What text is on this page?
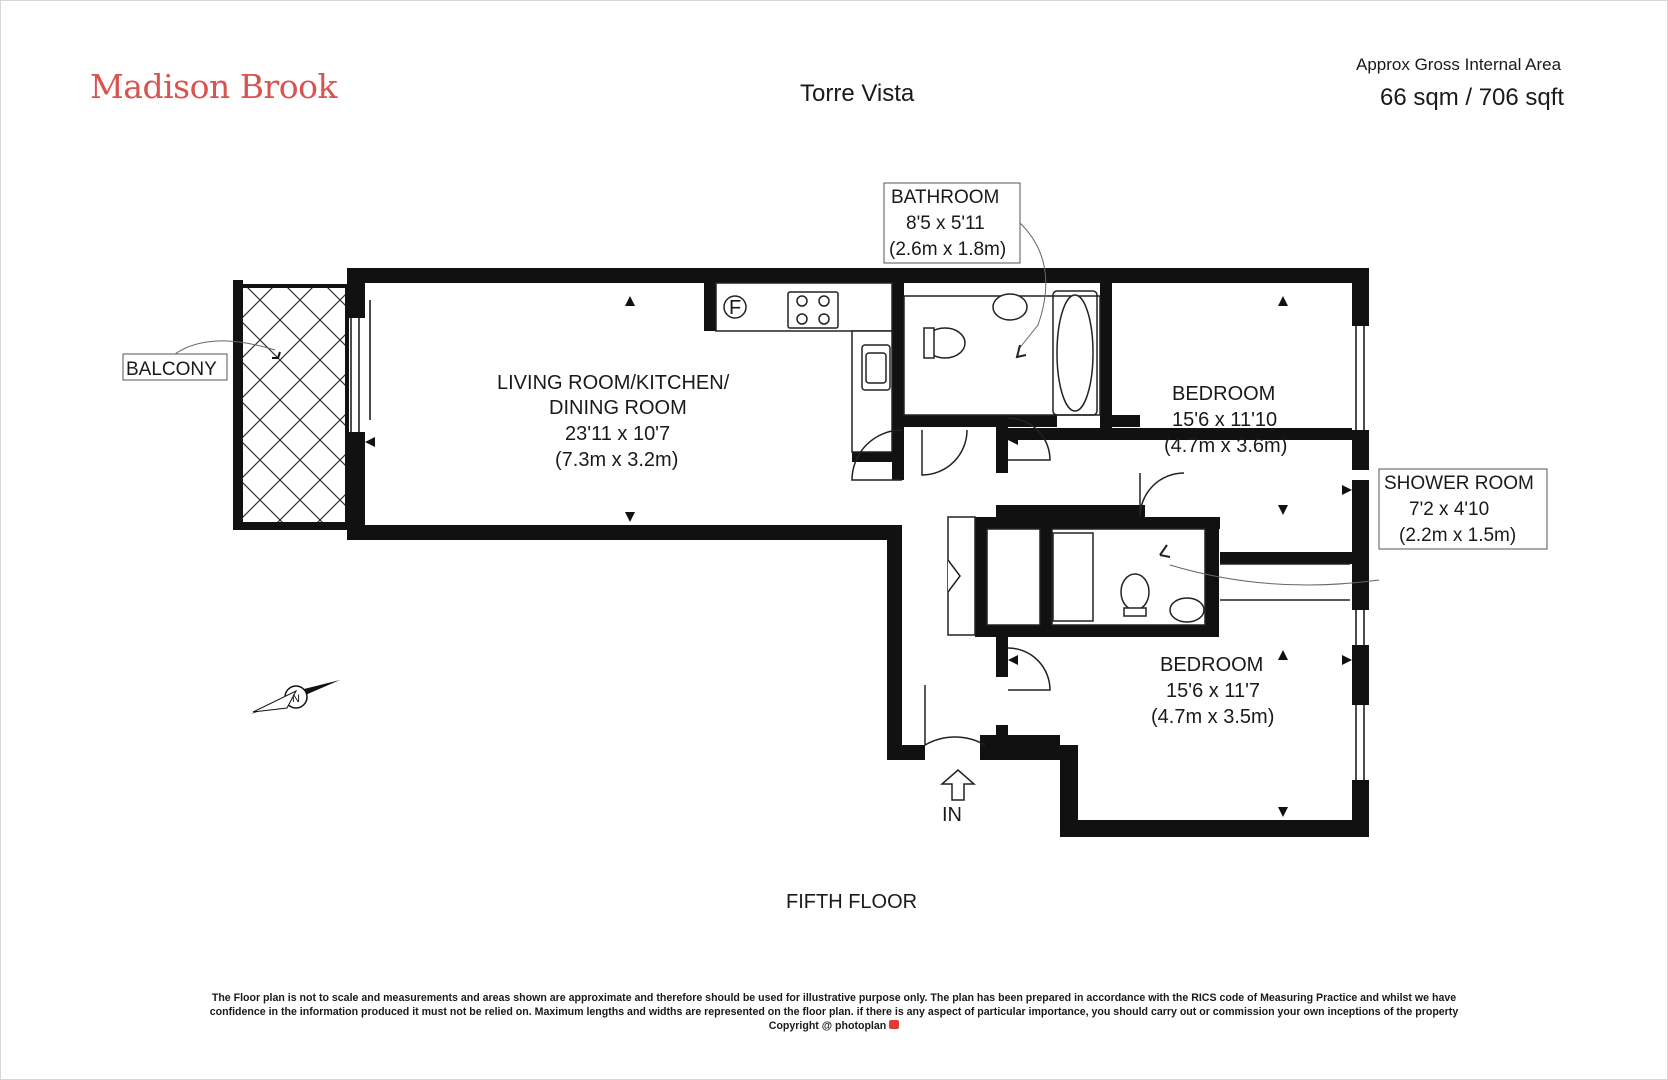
Madison Brook	Torre Vista
Approx Gross Internal Area
66 sqm / 706 sqft
F
IN
N
LIVING ROOM/KITCHEN/
DINING ROOM
23'11 x 10'7
(7.3m x 3.2m)
BEDROOM
15'6 x 11'10
(4.7m x 3.6m)
BEDROOM
15'6 x 11'7
(4.7m x 3.5m)
BATHROOM
8'5 x 5'11
(2.6m x 1.8m)
SHOWER ROOM
7'2 x 4'10
(2.2m x 1.5m)
BALCONY
FIFTH FLOOR
The Floor plan is not to scale and measurements and areas shown are approximate and therefore should be used for illustrative purpose only. The plan has been prepared in accordance with the RICS code of Measuring Practice and whilst we have
confidence in the information produced it must not be relied on. Maximum lengths and widths are represented on the floor plan. if there is any aspect of particular importance, you should carry out or commission your own inceptions of the property
Copyright @ photoplan
